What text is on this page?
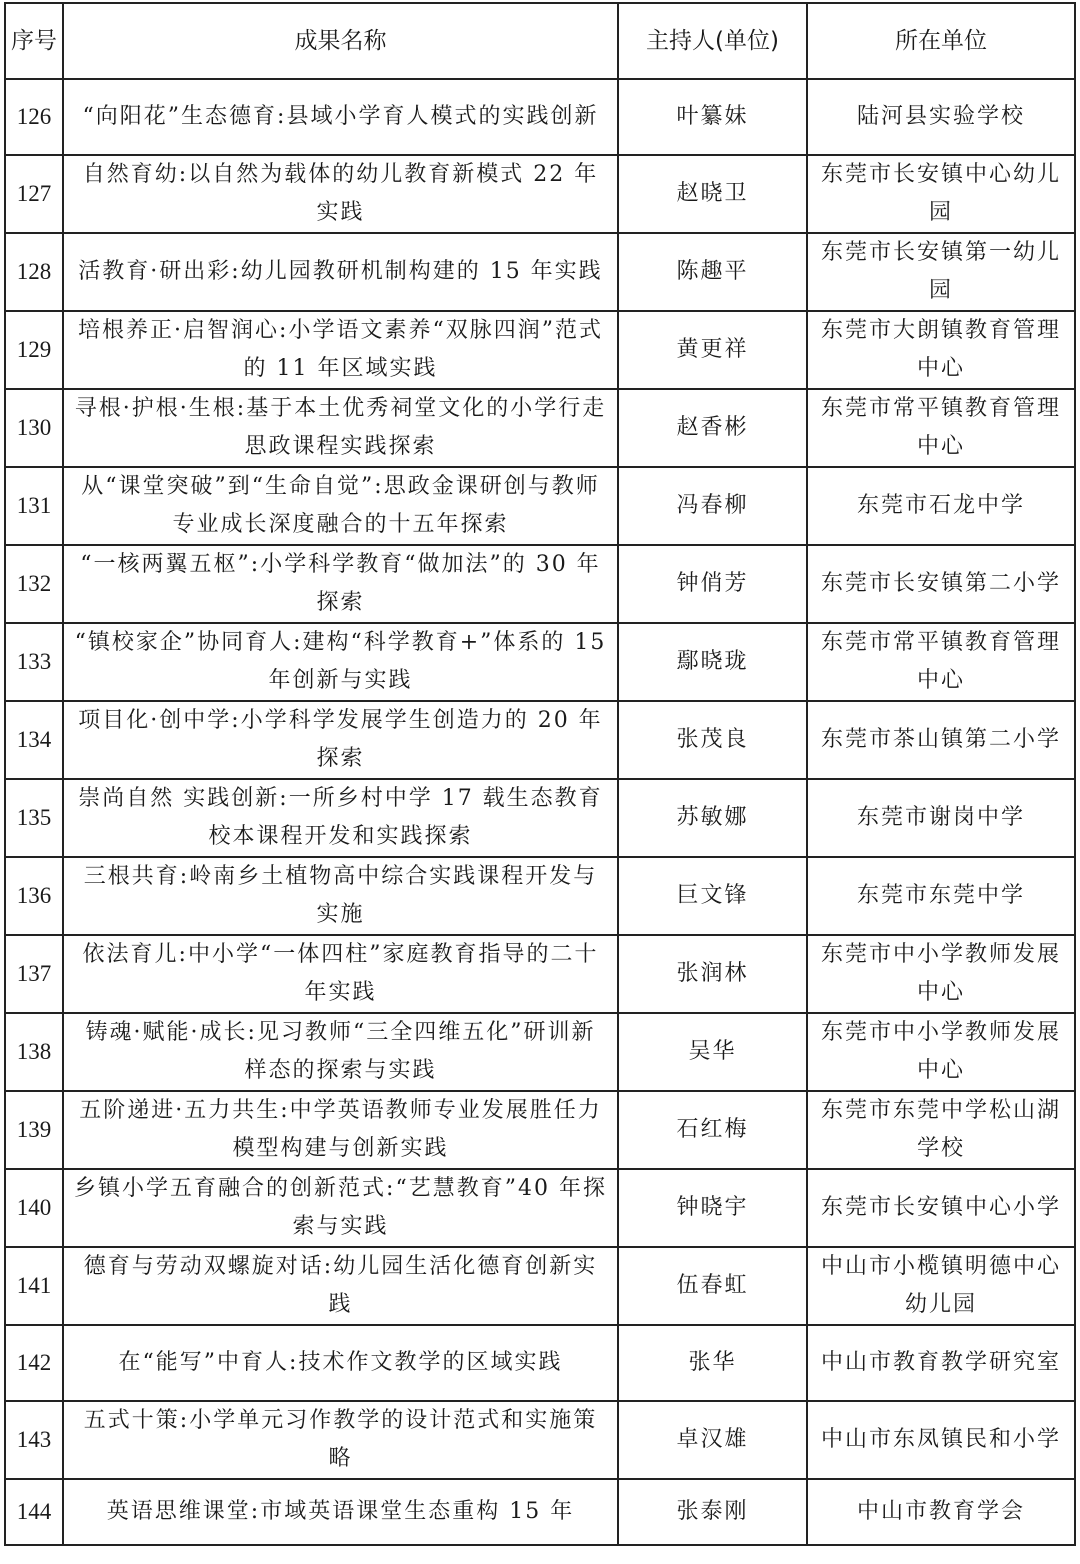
序号	成果名称	主持人(单位)	所在单位
126	“向阳花”生态德育:县域小学育人模式的实践创新	叶纂妹	陆河县实验学校
127	自然育幼:以自然为载体的幼儿教育新模式 22 年实践	赵晓卫	东莞市长安镇中心幼儿园
128	活教育·研出彩:幼儿园教研机制构建的 15 年实践	陈趣平	东莞市长安镇第一幼儿园
129	培根养正·启智润心:小学语文素养“双脉四润”范式的 11 年区域实践	黄更祥	东莞市大朗镇教育管理中心
130	寻根·护根·生根:基于本土优秀祠堂文化的小学行走思政课程实践探索	赵香彬	东莞市常平镇教育管理中心
131	从“课堂突破”到“生命自觉”:思政金课研创与教师专业成长深度融合的十五年探索	冯春柳	东莞市石龙中学
132	“一核两翼五枢”:小学科学教育“做加法”的 30 年探索	钟俏芳	东莞市长安镇第二小学
133	“镇校家企”协同育人:建构“科学教育+”体系的 15 年创新与实践	鄢晓珑	东莞市常平镇教育管理中心
134	项目化·创中学:小学科学发展学生创造力的 20 年探索	张茂良	东莞市茶山镇第二小学
135	崇尚自然 实践创新:一所乡村中学 17 载生态教育校本课程开发和实践探索	苏敏娜	东莞市谢岗中学
136	三根共育:岭南乡土植物高中综合实践课程开发与实施	巨文锋	东莞市东莞中学
137	依法育儿:中小学“一体四柱”家庭教育指导的二十年实践	张润林	东莞市中小学教师发展中心
138	铸魂·赋能·成长:见习教师“三全四维五化”研训新样态的探索与实践	吴华	东莞市中小学教师发展中心
139	五阶递进·五力共生:中学英语教师专业发展胜任力模型构建与创新实践	石红梅	东莞市东莞中学松山湖学校
140	乡镇小学五育融合的创新范式:“艺慧教育”40 年探索与实践	钟晓宇	东莞市长安镇中心小学
141	德育与劳动双螺旋对话:幼儿园生活化德育创新实践	伍春虹	中山市小榄镇明德中心幼儿园
142	在“能写”中育人:技术作文教学的区域实践	张华	中山市教育教学研究室
143	五式十策:小学单元习作教学的设计范式和实施策略	卓汉雄	中山市东凤镇民和小学
144	英语思维课堂:市域英语课堂生态重构 15 年	张泰刚	中山市教育学会
